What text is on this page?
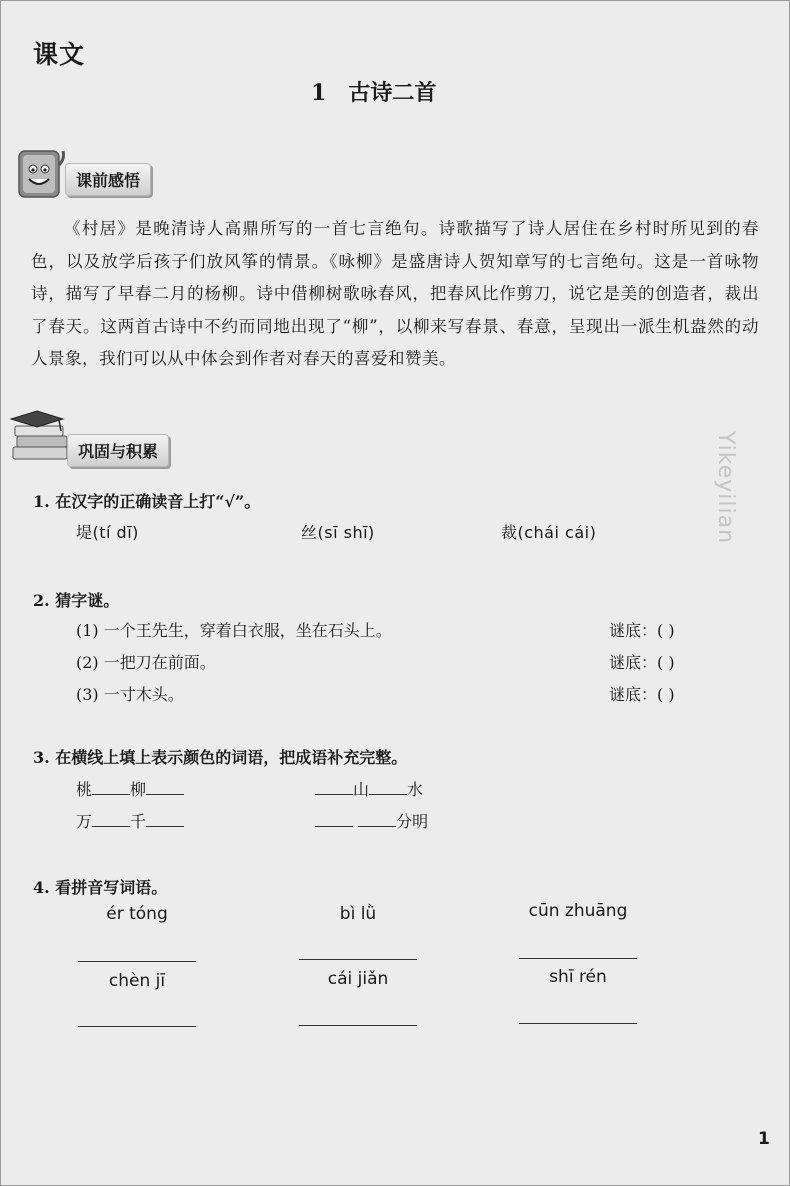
课文
1 古诗二首
课前感悟
《村居》是晚清诗人高鼎所写的一首七言绝句。诗歌描写了诗人居住在乡村时所见到的春色，以及放学后孩子们放风筝的情景。《咏柳》是盛唐诗人贺知章写的七言绝句。这是一首咏物诗，描写了早春二月的杨柳。诗中借柳树歌咏春风，把春风比作剪刀，说它是美的创造者，裁出了春天。这两首古诗中不约而同地出现了“柳”，以柳来写春景、春意，呈现出一派生机盎然的动人景象，我们可以从中体会到作者对春天的喜爱和赞美。
巩固与积累
1. 在汉字的正确读音上打“√”。
堤(tí dī)	丝(sī shī)	裁(chái cái)
2. 猜字谜。
(1) 一个王先生，穿着白衣服，坐在石头上。	谜底：( )
(2) 一把刀在前面。	谜底：( )
(3) 一寸木头。	谜底：( )
3. 在横线上填上表示颜色的词语，把成语补充完整。
桃 柳	山 水
万 千	分明
4. 看拼音写词语。
ér tóng	bì lǜ	cūn zhuāng
chèn jī	cái jiǎn	shī rén
Yikeyilian
1
